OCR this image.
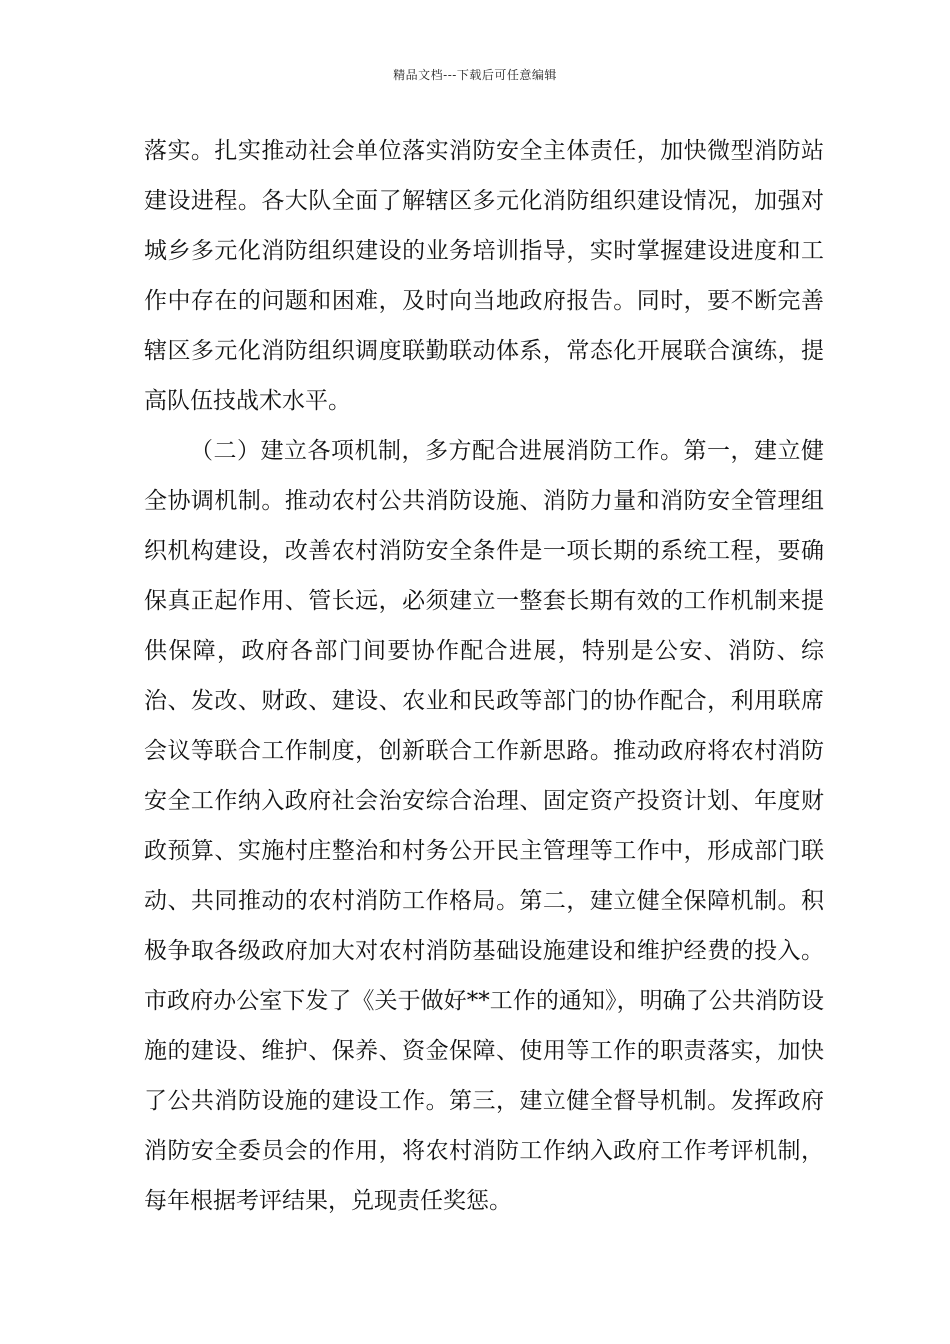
精品文档---下载后可任意编辑

落实。扎实推动社会单位落实消防安全主体责任，加快微型消防站建设进程。各大队全面了解辖区多元化消防组织建设情况，加强对城乡多元化消防组织建设的业务培训指导，实时掌握建设进度和工作中存在的问题和困难，及时向当地政府报告。同时，要不断完善辖区多元化消防组织调度联勤联动体系，常态化开展联合演练，提高队伍技战术水平。

（二）建立各项机制，多方配合进展消防工作。第一，建立健全协调机制。推动农村公共消防设施、消防力量和消防安全管理组织机构建设，改善农村消防安全条件是一项长期的系统工程，要确保真正起作用、管长远，必须建立一整套长期有效的工作机制来提供保障，政府各部门间要协作配合进展，特别是公安、消防、综治、发改、财政、建设、农业和民政等部门的协作配合，利用联席会议等联合工作制度，创新联合工作新思路。推动政府将农村消防安全工作纳入政府社会治安综合治理、固定资产投资计划、年度财政预算、实施村庄整治和村务公开民主管理等工作中，形成部门联动、共同推动的农村消防工作格局。第二，建立健全保障机制。积极争取各级政府加大对农村消防基础设施建设和维护经费的投入。市政府办公室下发了《关于做好**工作的通知》，明确了公共消防设施的建设、维护、保养、资金保障、使用等工作的职责落实，加快了公共消防设施的建设工作。第三，建立健全督导机制。发挥政府消防安全委员会的作用，将农村消防工作纳入政府工作考评机制，每年根据考评结果，兑现责任奖惩。
